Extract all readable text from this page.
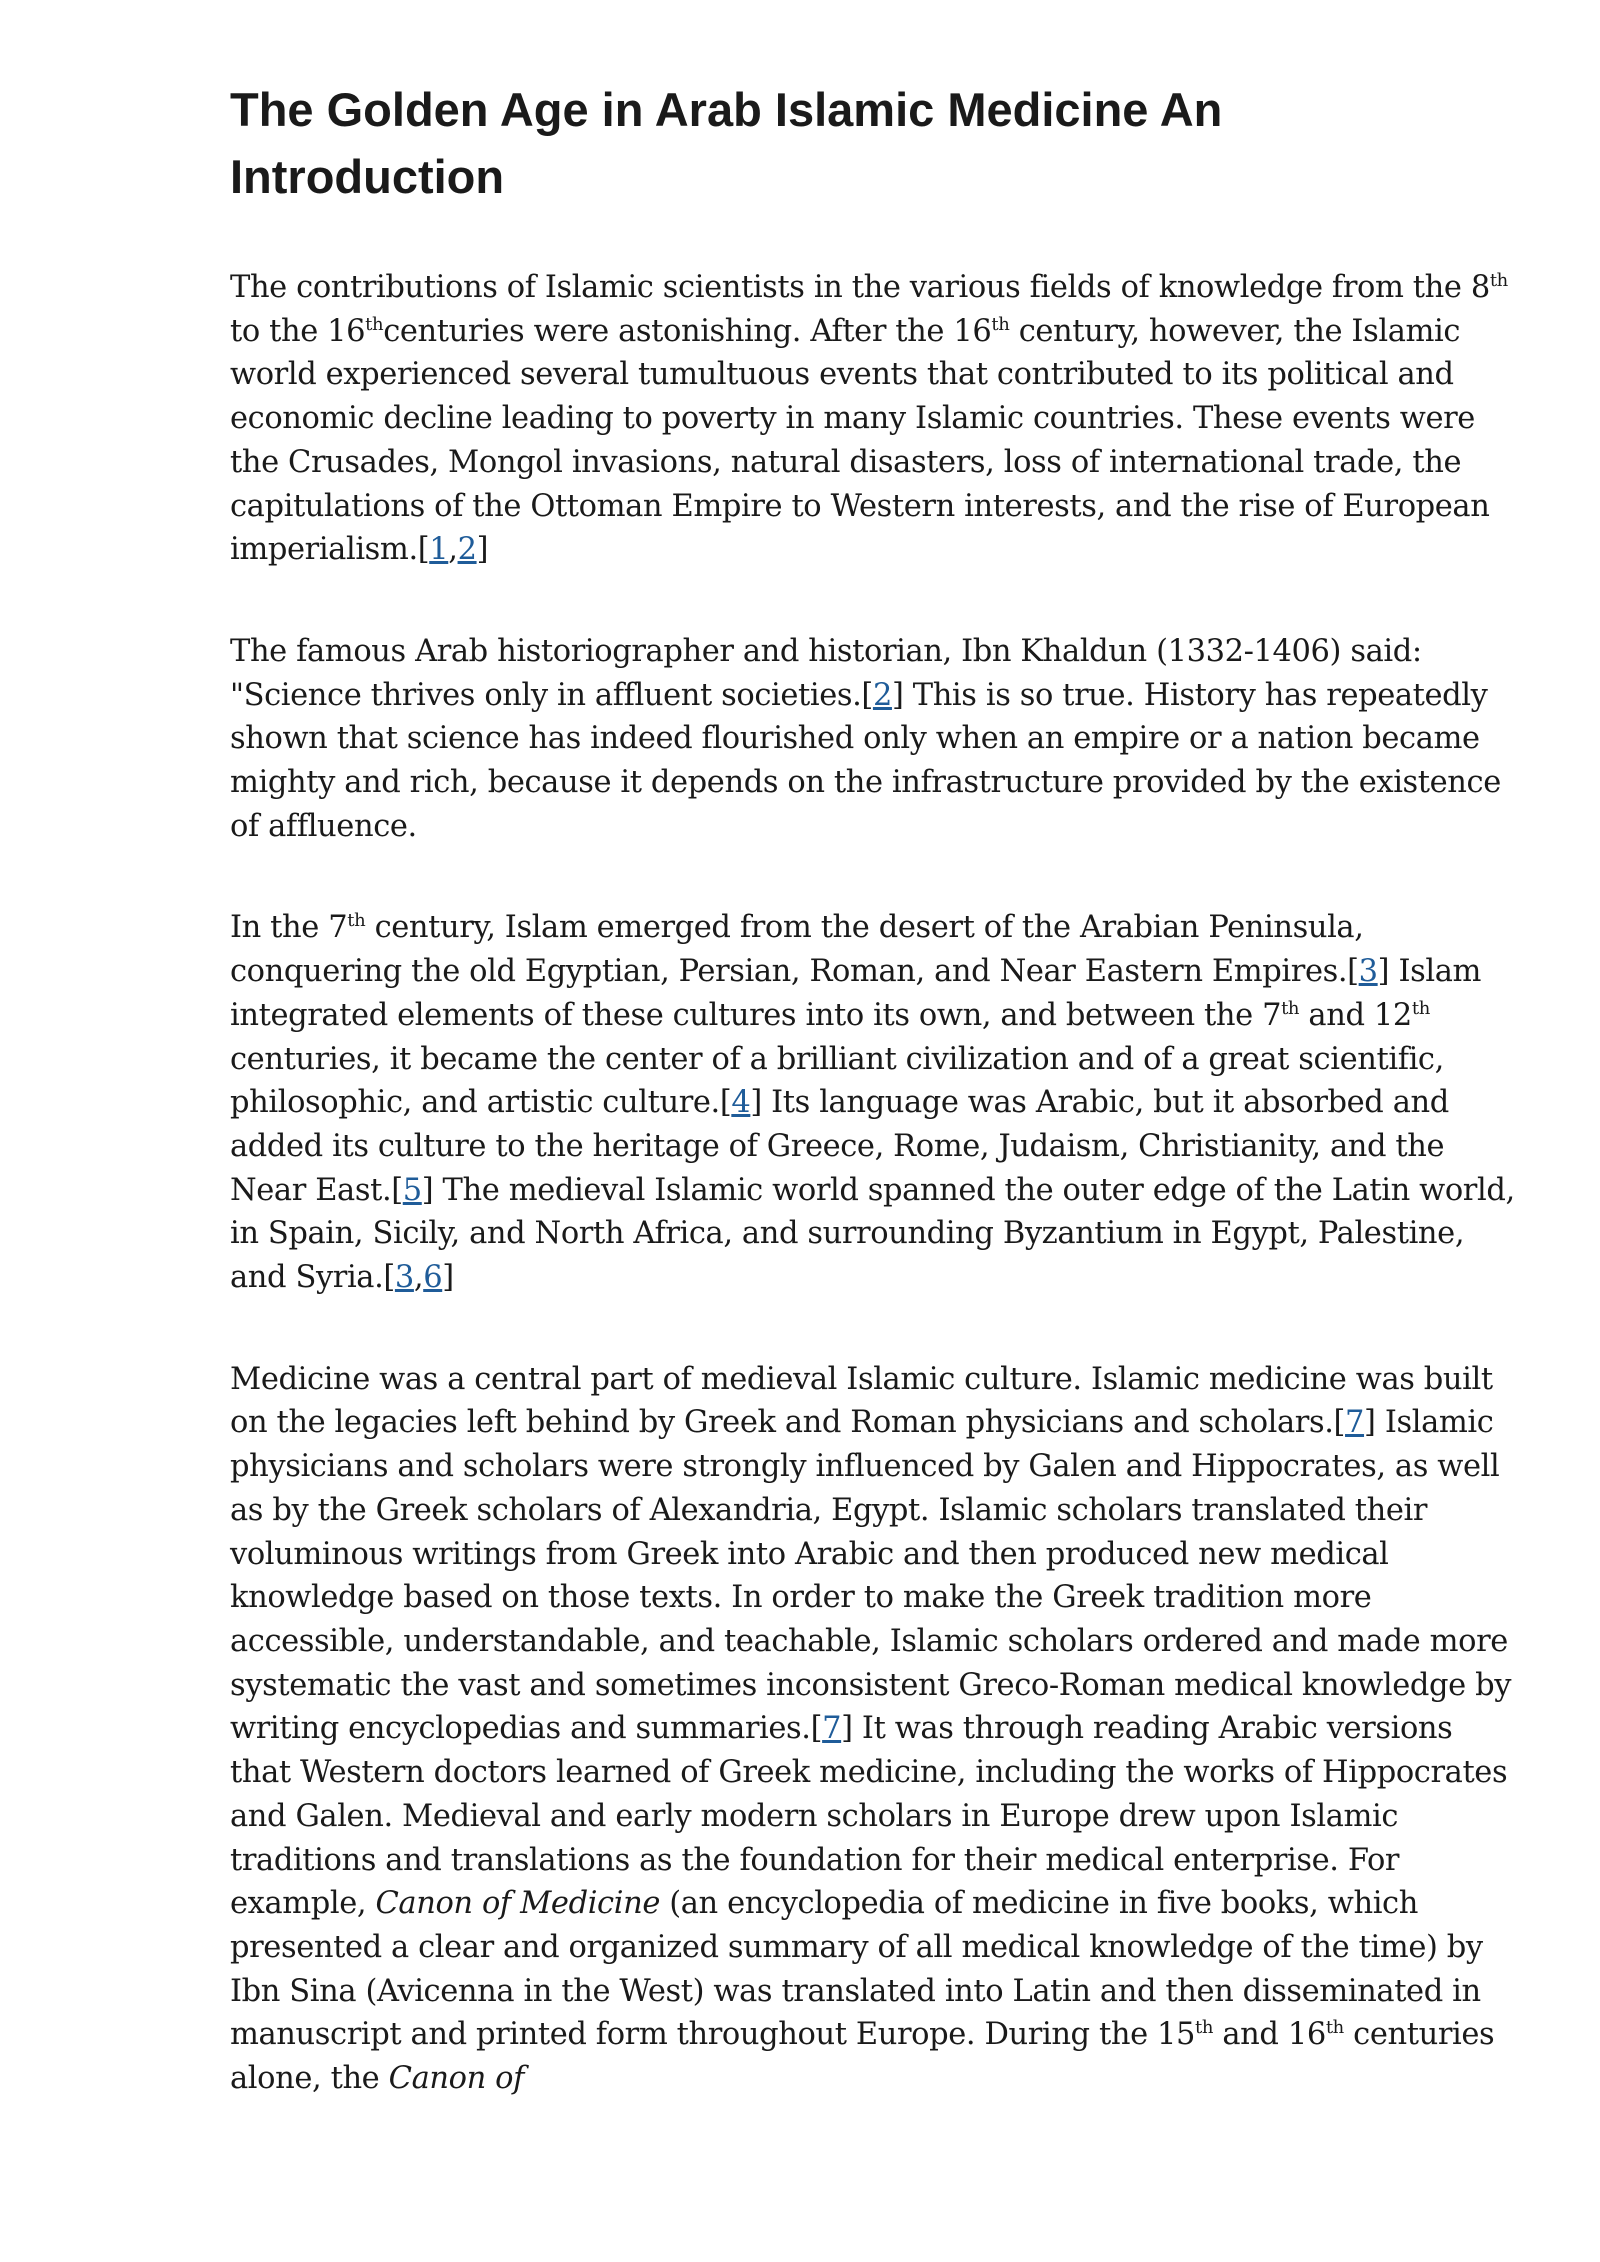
The Golden Age in Arab Islamic Medicine An Introduction

The contributions of Islamic scientists in the various fields of knowledge from the 8th to the 16thcenturies were astonishing. After the 16th century, however, the Islamic world experienced several tumultuous events that contributed to its political and economic decline leading to poverty in many Islamic countries. These events were the Crusades, Mongol invasions, natural disasters, loss of international trade, the capitulations of the Ottoman Empire to Western interests, and the rise of European imperialism.[1,2]

The famous Arab historiographer and historian, Ibn Khaldun (1332-1406) said: "Science thrives only in affluent societies.[2] This is so true. History has repeatedly shown that science has indeed flourished only when an empire or a nation became mighty and rich, because it depends on the infrastructure provided by the existence of affluence.

In the 7th century, Islam emerged from the desert of the Arabian Peninsula, conquering the old Egyptian, Persian, Roman, and Near Eastern Empires.[3] Islam integrated elements of these cultures into its own, and between the 7th and 12th centuries, it became the center of a brilliant civilization and of a great scientific, philosophic, and artistic culture.[4] Its language was Arabic, but it absorbed and added its culture to the heritage of Greece, Rome, Judaism, Christianity, and the Near East.[5] The medieval Islamic world spanned the outer edge of the Latin world, in Spain, Sicily, and North Africa, and surrounding Byzantium in Egypt, Palestine, and Syria.[3,6]

Medicine was a central part of medieval Islamic culture. Islamic medicine was built on the legacies left behind by Greek and Roman physicians and scholars.[7] Islamic physicians and scholars were strongly influenced by Galen and Hippocrates, as well as by the Greek scholars of Alexandria, Egypt. Islamic scholars translated their voluminous writings from Greek into Arabic and then produced new medical knowledge based on those texts. In order to make the Greek tradition more accessible, understandable, and teachable, Islamic scholars ordered and made more systematic the vast and sometimes inconsistent Greco-Roman medical knowledge by writing encyclopedias and summaries.[7] It was through reading Arabic versions that Western doctors learned of Greek medicine, including the works of Hippocrates and Galen. Medieval and early modern scholars in Europe drew upon Islamic traditions and translations as the foundation for their medical enterprise. For example, Canon of Medicine (an encyclopedia of medicine in five books, which presented a clear and organized summary of all medical knowledge of the time) by Ibn Sina (Avicenna in the West) was translated into Latin and then disseminated in manuscript and printed form throughout Europe. During the 15th and 16th centuries alone, the Canon of
